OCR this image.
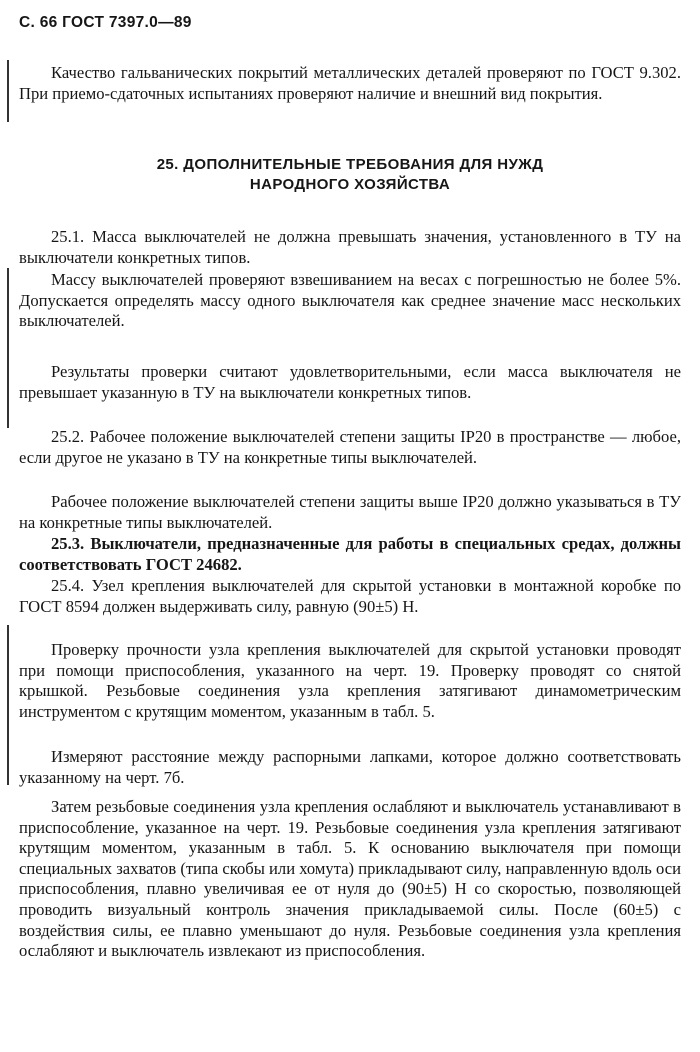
С. 66 ГОСТ 7397.0—89

Качество гальванических покрытий металлических деталей проверяют по ГОСТ 9.302. При приемо-сдаточных испытаниях проверяют наличие и внешний вид покрытия.

25. ДОПОЛНИТЕЛЬНЫЕ ТРЕБОВАНИЯ ДЛЯ НУЖД
НАРОДНОГО ХОЗЯЙСТВА

25.1. Масса выключателей не должна превышать значения, установленного в ТУ на выключатели конкретных типов.

Массу выключателей проверяют взвешиванием на весах с погрешностью не более 5%. Допускается определять массу одного выключателя как среднее значение масс нескольких выключателей.

Результаты проверки считают удовлетворительными, если масса выключателя не превышает указанную в ТУ на выключатели конкретных типов.

25.2. Рабочее положение выключателей степени защиты IP20 в пространстве — любое, если другое не указано в ТУ на конкретные типы выключателей.

Рабочее положение выключателей степени защиты выше IP20 должно указываться в ТУ на конкретные типы выключателей.

25.3. Выключатели, предназначенные для работы в специальных средах, должны соответствовать ГОСТ 24682.

25.4. Узел крепления выключателей для скрытой установки в монтажной коробке по ГОСТ 8594 должен выдерживать силу, равную (90±5) Н.

Проверку прочности узла крепления выключателей для скрытой установки проводят при помощи приспособления, указанного на черт. 19. Проверку проводят со снятой крышкой. Резьбовые соединения узла крепления затягивают динамометрическим инструментом с крутящим моментом, указанным в табл. 5.

Измеряют расстояние между распорными лапками, которое должно соответствовать указанному на черт. 7б.

Затем резьбовые соединения узла крепления ослабляют и выключатель устанавливают в приспособление, указанное на черт. 19. Резьбовые соединения узла крепления затягивают крутящим моментом, указанным в табл. 5. К основанию выключателя при помощи специальных захватов (типа скобы или хомута) прикладывают силу, направленную вдоль оси приспособления, плавно увеличивая ее от нуля до (90±5) Н со скоростью, позволяющей проводить визуальный контроль значения прикладываемой силы. После (60±5) с воздействия силы, ее плавно уменьшают до нуля. Резьбовые соединения узла крепления ослабляют и выключатель извлекают из приспособления.
